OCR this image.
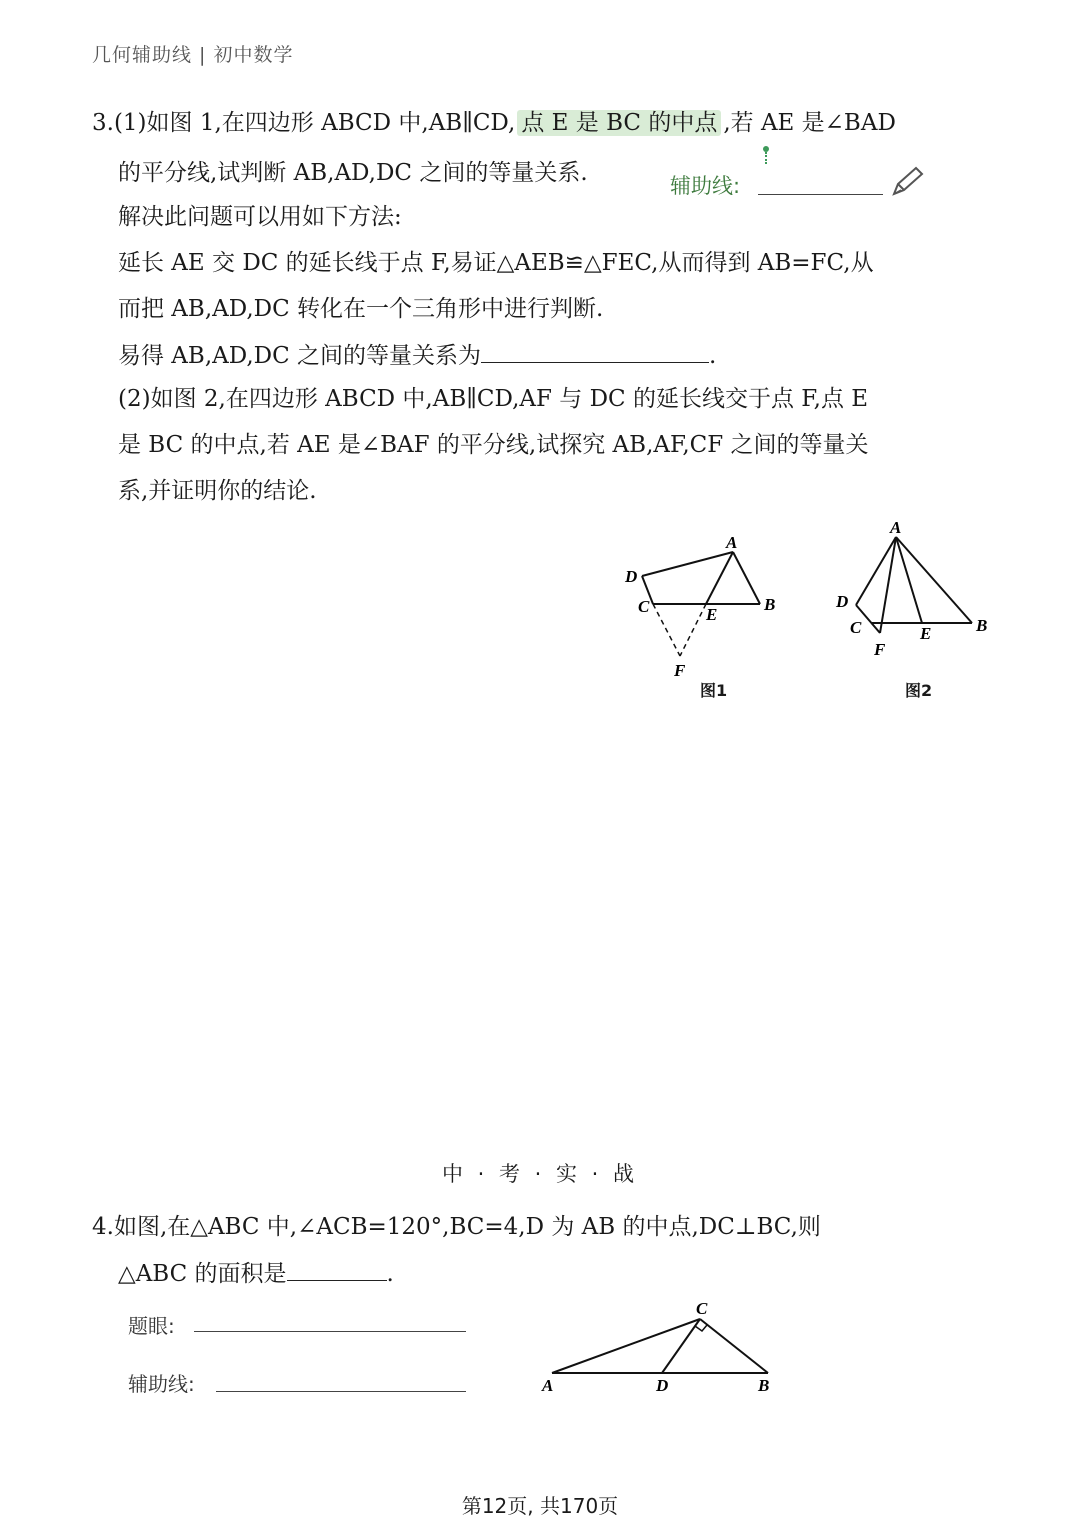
几何辅助线 | 初中数学
3.(1)如图 1,在四边形 ABCD 中,AB∥CD, 点 E 是 BC 的中点 ,若 AE 是∠BAD
的平分线,试判断 AB,AD,DC 之间的等量关系.	辅助线:
解决此问题可以用如下方法:
延长 AE 交 DC 的延长线于点 F,易证△AEB≌△FEC,从而得到 AB=FC,从
而把 AB,AD,DC 转化在一个三角形中进行判断.
易得 AB,AD,DC 之间的等量关系为	.
(2)如图 2,在四边形 ABCD 中,AB∥CD,AF 与 DC 的延长线交于点 F,点 E
是 BC 的中点,若 AE 是∠BAF 的平分线,试探究 AB,AF,CF 之间的等量关
系,并证明你的结论.
A
D
C	E
B
F
图1
A
D
C
F
E	B
图2
中 · 考 · 实 · 战
4.如图,在△ABC 中,∠ACB=120°,BC=4,D 为 AB 的中点,DC⊥BC,则
△ABC 的面积是	.
题眼:
辅助线:
C
A	D	B
第12页, 共170页
